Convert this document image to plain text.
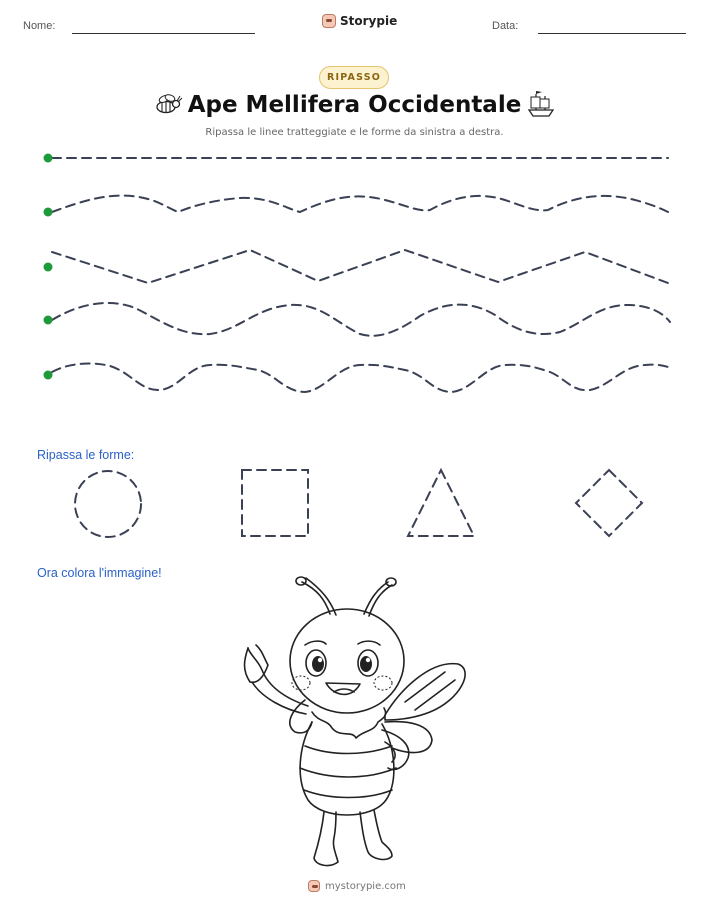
Nome:	Storypie	Data:
RIPASSO
Ape Mellifera Occidentale
Ripassa le linee tratteggiate e le forme da sinistra a destra.
Ripassa le forme:
Ora colora l'immagine!
mystorypie.com
